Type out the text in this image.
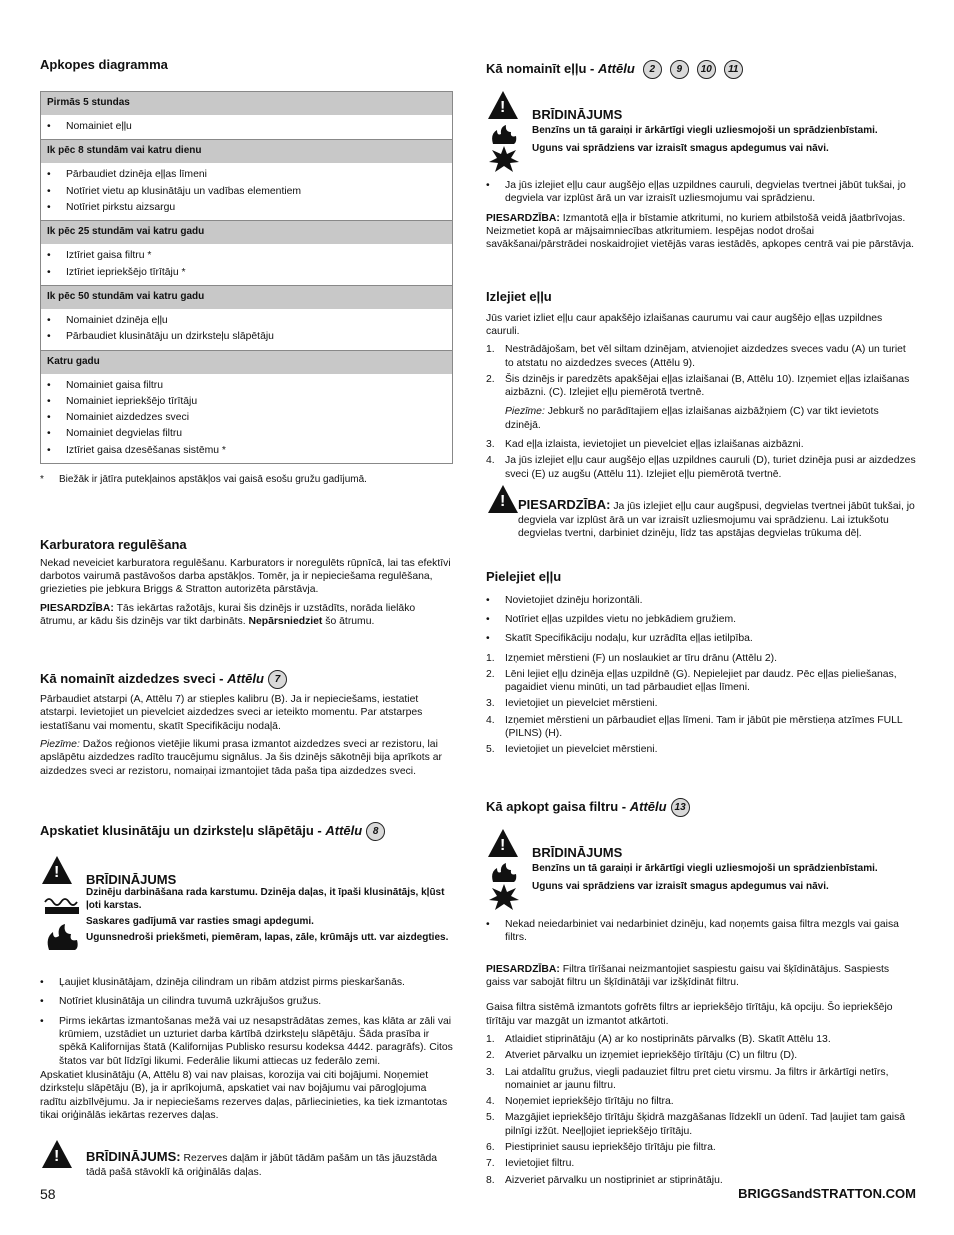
Apkopes diagramma
Pirmās 5 stundas

• Nomainiet eļļu

Ik pēc 8 stundām vai katru dienu

• Pārbaudiet dzinēja eļļas līmeni
• Notīriet vietu ap klusinātāju un vadības elementiem
• Notīriet pirkstu aizsargu

Ik pēc 25 stundām vai katru gadu

• Iztīriet gaisa filtru *
• Iztīriet iepriekšējo tīrītāju *

Ik pēc 50 stundām vai katru gadu

• Nomainiet dzinēja eļļu
• Pārbaudiet klusinātāju un dzirksteļu slāpētāju

Katru gadu

• Nomainiet gaisa filtru
• Nomainiet iepriekšējo tīrītāju
• Nomainiet aizdedzes sveci
• Nomainiet degvielas filtru
• Iztīriet gaisa dzesēšanas sistēmu *
* Biežāk ir jātīra putekļainos apstākļos vai gaisā esošu gružu gadījumā.
Karburatora regulēšana

Nekad neveiciet karburatora regulēšanu. Karburators ir noregulēts rūpnīcā, lai tas efektīvi darbotos vairumā pastāvošos darba apstākļos. Tomēr, ja ir nepieciešama regulēšana, griezieties pie jebkura Briggs & Stratton autorizēta pārstāvja.

PIESARDZĪBA: Tās iekārtas ražotājs, kurai šis dzinējs ir uzstādīts, norāda lielāko ātrumu, ar kādu šis dzinējs var tikt darbināts. Nepārsniedziet šo ātrumu.

Kā nomainīt aizdedzes sveci - Attēlu 7

Pārbaudiet atstarpi (A, Attēlu 7) ar stieples kalibru (B). Ja ir nepieciešams, iestatiet atstarpi. Ievietojiet un pievelciet aizdedzes sveci ar ieteikto momentu. Par atstarpes iestatīšanu vai momentu, skatīt Specifikāciju nodaļā.

Piezīme: Dažos reģionos vietējie likumi prasa izmantot aizdedzes sveci ar rezistoru, lai apslāpētu aizdedzes radīto traucējumu signālus. Ja šis dzinējs sākotnēji bija aprīkots ar aizdedzes sveci ar rezistoru, nomaiņai izmantojiet tāda paša tipa aizdedzes sveci.

Apskatiet klusinātāju un dzirksteļu slāpētāju - Attēlu 8
!
BRĪDINĀJUMS
Dzinēju darbināšana rada karstumu. Dzinēja daļas, it īpaši klusinātājs, kļūst ļoti karstas.
Saskares gadījumā var rasties smagi apdegumi.
Ugunsnedroši priekšmeti, piemēram, lapas, zāle, krūmājs utt. var aizdegties.
• Ļaujiet klusinātājam, dzinēja cilindram un ribām atdzist pirms pieskaršanās.
• Notīriet klusinātāja un cilindra tuvumā uzkrājušos gružus.
• Pirms iekārtas izmantošanas mežā vai uz nesapstrādātas zemes, kas klāta ar zāli vai krūmiem, uzstādiet un uzturiet darba kārtībā dzirksteļu slāpētāju. Šāda prasība ir spēkā Kalifornijas štatā (Kalifornijas Publisko resursu kodeksa 4442. paragrāfs). Citos štatos var būt līdzīgi likumi. Federālie likumi attiecas uz federālo zemi.

Apskatiet klusinātāju (A, Attēlu 8) vai nav plaisas, korozija vai citi bojājumi. Noņemiet dzirksteļu slāpētāju (B), ja ir aprīkojumā, apskatiet vai nav bojājumu vai pārogļojuma radītu aizbīlvējumu. Ja ir nepieciešams rezerves daļas, pārliecinieties, ka tiek izmantotas tikai oriģinālās iekārtas rezerves daļas.

!
BRĪDINĀJUMS: Rezerves daļām ir jābūt tādām pašām un tās jāuzstāda tādā pašā stāvoklī kā oriģinālās daļas.
58
Kā nomainīt eļļu - Attēlu 2 9 10 11
!
BRĪDINĀJUMS
Benzīns un tā garaiņi ir ārkārtīgi viegli uzliesmojoši un sprādzienbīstami.
Uguns vai sprādziens var izraisīt smagus apdegumus vai nāvi.
• Ja jūs izlejiet eļļu caur augšējo eļļas uzpildnes cauruli, degvielas tvertnei jābūt tukšai, jo degviela var izplūst ārā un var izraisīt uzliesmojumu vai sprādzienu.

PIESARDZĪBA: Izmantotā eļļa ir bīstamie atkritumi, no kuriem atbilstošā veidā jāatbrīvojas. Neizmetiet kopā ar mājsaimniecības atkritumiem. Iespējas nodot drošai savākšanai/pārstrādei noskaidrojiet vietējās varas iestādēs, apkopes centrā vai pie pārstāvja.

Izlejiet eļļu

Jūs variet izliet eļļu caur apakšējo izlaišanas caurumu vai caur augšējo eļļas uzpildnes cauruli.

1. Nestrādājošam, bet vēl siltam dzinējam, atvienojiet aizdedzes sveces vadu (A) un turiet to atstatu no aizdedzes sveces (Attēlu 9).
2. Šis dzinējs ir paredzēts apakšējai eļļas izlaišanai (B, Attēlu 10). Izņemiet eļļas izlaišanas aizbāzni. (C). Izlejiet eļļu piemērotā tvertnē.
Piezīme: Jebkurš no parādītajiem eļļas izlaišanas aizbāžņiem (C) var tikt ievietots dzinējā.
3. Kad eļļa izlaista, ievietojiet un pievelciet eļļas izlaišanas aizbāzni.
4. Ja jūs izlejiet eļļu caur augšējo eļļas uzpildnes cauruli (D), turiet dzinēja pusi ar aizdedzes sveci (E) uz augšu (Attēlu 11). Izlejiet eļļu piemērotā tvertnē.
!
PIESARDZĪBA: Ja jūs izlejiet eļļu caur augšpusi, degvielas tvertnei jābūt tukšai, jo degviela var izplūst ārā un var izraisīt uzliesmojumu vai sprādzienu. Lai iztukšotu degvielas tvertni, darbiniet dzinēju, līdz tas apstājas degvielas trūkuma dēļ.
Pielejiet eļļu
• Novietojiet dzinēju horizontāli.
• Notīriet eļļas uzpildes vietu no jebkādiem gružiem.
• Skatīt Specifikāciju nodaļu, kur uzrādīta eļļas ietilpība.
1. Izņemiet mērstieni (F) un noslaukiet ar tīru drānu (Attēlu 2).
2. Lēni lejiet eļļu dzinēja eļļas uzpildnē (G). Nepielejiet par daudz. Pēc eļļas pieliešanas, pagaidiet vienu minūti, un tad pārbaudiet eļļas līmeni.
3. Ievietojiet un pievelciet mērstieni.
4. Izņemiet mērstieni un pārbaudiet eļļas līmeni. Tam ir jābūt pie mērstieņa atzīmes FULL (PILNS) (H).
5. Ievietojiet un pievelciet mērstieni.
Kā apkopt gaisa filtru - Attēlu 13
!
BRĪDINĀJUMS
Benzīns un tā garaiņi ir ārkārtīgi viegli uzliesmojoši un sprādzienbīstami.
Uguns vai sprādziens var izraisīt smagus apdegumus vai nāvi.
• Nekad neiedarbiniet vai nedarbiniet dzinēju, kad noņemts gaisa filtra mezgls vai gaisa filtrs.

PIESARDZĪBA: Filtra tīrīšanai neizmantojiet saspiestu gaisu vai šķīdinātājus. Saspiests gaiss var sabojāt filtru un šķīdinātāji var izšķīdināt filtru.

Gaisa filtra sistēmā izmantots gofrēts filtrs ar iepriekšējo tīrītāju, kā opciju. Šo iepriekšējo tīrītāju var mazgāt un izmantot atkārtoti.

1. Atlaidiet stiprinātāju (A) ar ko nostiprināts pārvalks (B). Skatīt Attēlu 13.
2. Atveriet pārvalku un izņemiet iepriekšējo tīrītāju (C) un filtru (D).
3. Lai atdalītu gružus, viegli padauziet filtru pret cietu virsmu. Ja filtrs ir ārkārtīgi netīrs, nomainiet ar jaunu filtru.
4. Noņemiet iepriekšējo tīrītāju no filtra.
5. Mazgājiet iepriekšējo tīrītāju šķidrā mazgāšanas līdzeklī un ūdenī. Tad ļaujiet tam gaisā pilnīgi izžūt. Neeļļojiet iepriekšējo tīrītāju.
6. Piestipriniet sausu iepriekšējo tīrītāju pie filtra.
7. Ievietojiet filtru.
8. Aizveriet pārvalku un nostipriniet ar stiprinātāju.
BRIGGSandSTRATTON.COM
